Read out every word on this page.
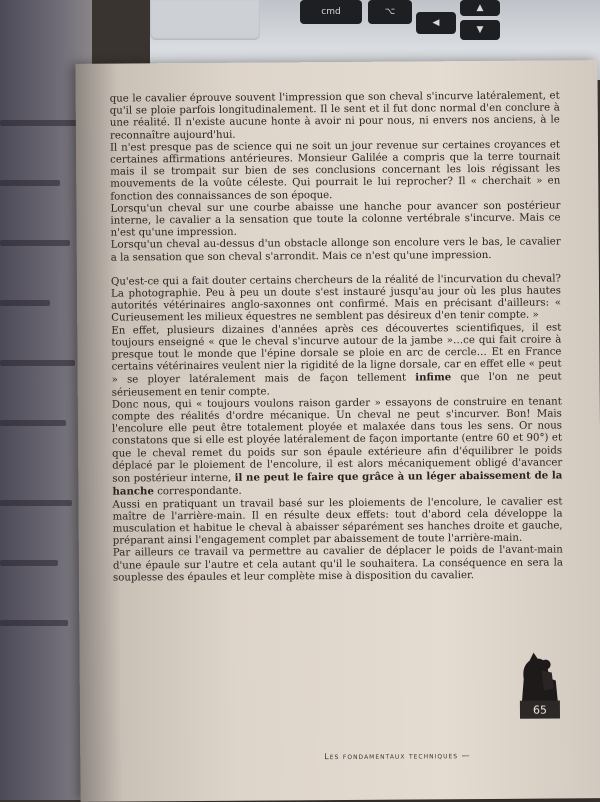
cmd	⌥
◀
▲
▼

que le cavalier éprouve souvent l'impression que son cheval s'incurve latéralement, et qu'il se ploie parfois longitudinalement. Il le sent et il fut donc normal d'en conclure à une réalité. Il n'existe aucune honte à avoir ni pour nous, ni envers nos anciens, à le reconnaître aujourd'hui.

Il n'est presque pas de science qui ne soit un jour revenue sur certaines croyances et certaines affirmations antérieures. Monsieur Galilée a compris que la terre tournait mais il se trompait sur bien de ses conclusions concernant les lois régissant les mouvements de la voûte céleste. Qui pourrait le lui reprocher? Il « cherchait » en fonction des connaissances de son époque.

Lorsqu'un cheval sur une courbe abaisse une hanche pour avancer son postérieur interne, le cavalier a la sensation que toute la colonne vertébrale s'incurve. Mais ce n'est qu'une impression.

Lorsqu'un cheval au-dessus d'un obstacle allonge son encolure vers le bas, le cavalier a la sensation que son cheval s'arrondit. Mais ce n'est qu'une impression.

Qu'est-ce qui a fait douter certains chercheurs de la réalité de l'incurvation du cheval? La photographie. Peu à peu un doute s'est instauré jusqu'au jour où les plus hautes autorités vétérinaires anglo-saxonnes ont confirmé. Mais en précisant d'ailleurs: « Curieusement les milieux équestres ne semblent pas désireux d'en tenir compte. »

En effet, plusieurs dizaines d'années après ces découvertes scientifiques, il est toujours enseigné « que le cheval s'incurve autour de la jambe »…ce qui fait croire à presque tout le monde que l'épine dorsale se ploie en arc de cercle… Et en France certains vétérinaires veulent nier la rigidité de la ligne dorsale, car en effet elle « peut » se ployer latéralement mais de façon tellement infime que l'on ne peut sérieusement en tenir compte.

Donc nous, qui « toujours voulons raison garder » essayons de construire en tenant compte des réalités d'ordre mécanique. Un cheval ne peut s'incurver. Bon! Mais l'encolure elle peut être totalement ployée et malaxée dans tous les sens. Or nous constatons que si elle est ployée latéralement de façon importante (entre 60 et 90°) et que le cheval remet du poids sur son épaule extérieure afin d'équilibrer le poids déplacé par le ploiement de l'encolure, il est alors mécaniquement obligé d'avancer son postérieur interne, il ne peut le faire que grâce à un léger abaissement de la hanche correspondante.

Aussi en pratiquant un travail basé sur les ploiements de l'encolure, le cavalier est maître de l'arrière-main. Il en résulte deux effets: tout d'abord cela développe la musculation et habitue le cheval à abaisser séparément ses hanches droite et gauche, préparant ainsi l'engagement complet par abaissement de toute l'arrière-main.

Par ailleurs ce travail va permettre au cavalier de déplacer le poids de l'avant-main d'une épaule sur l'autre et cela autant qu'il le souhaitera. La conséquence en sera la souplesse des épaules et leur complète mise à disposition du cavalier.

65
Les fondamentaux techniques —
